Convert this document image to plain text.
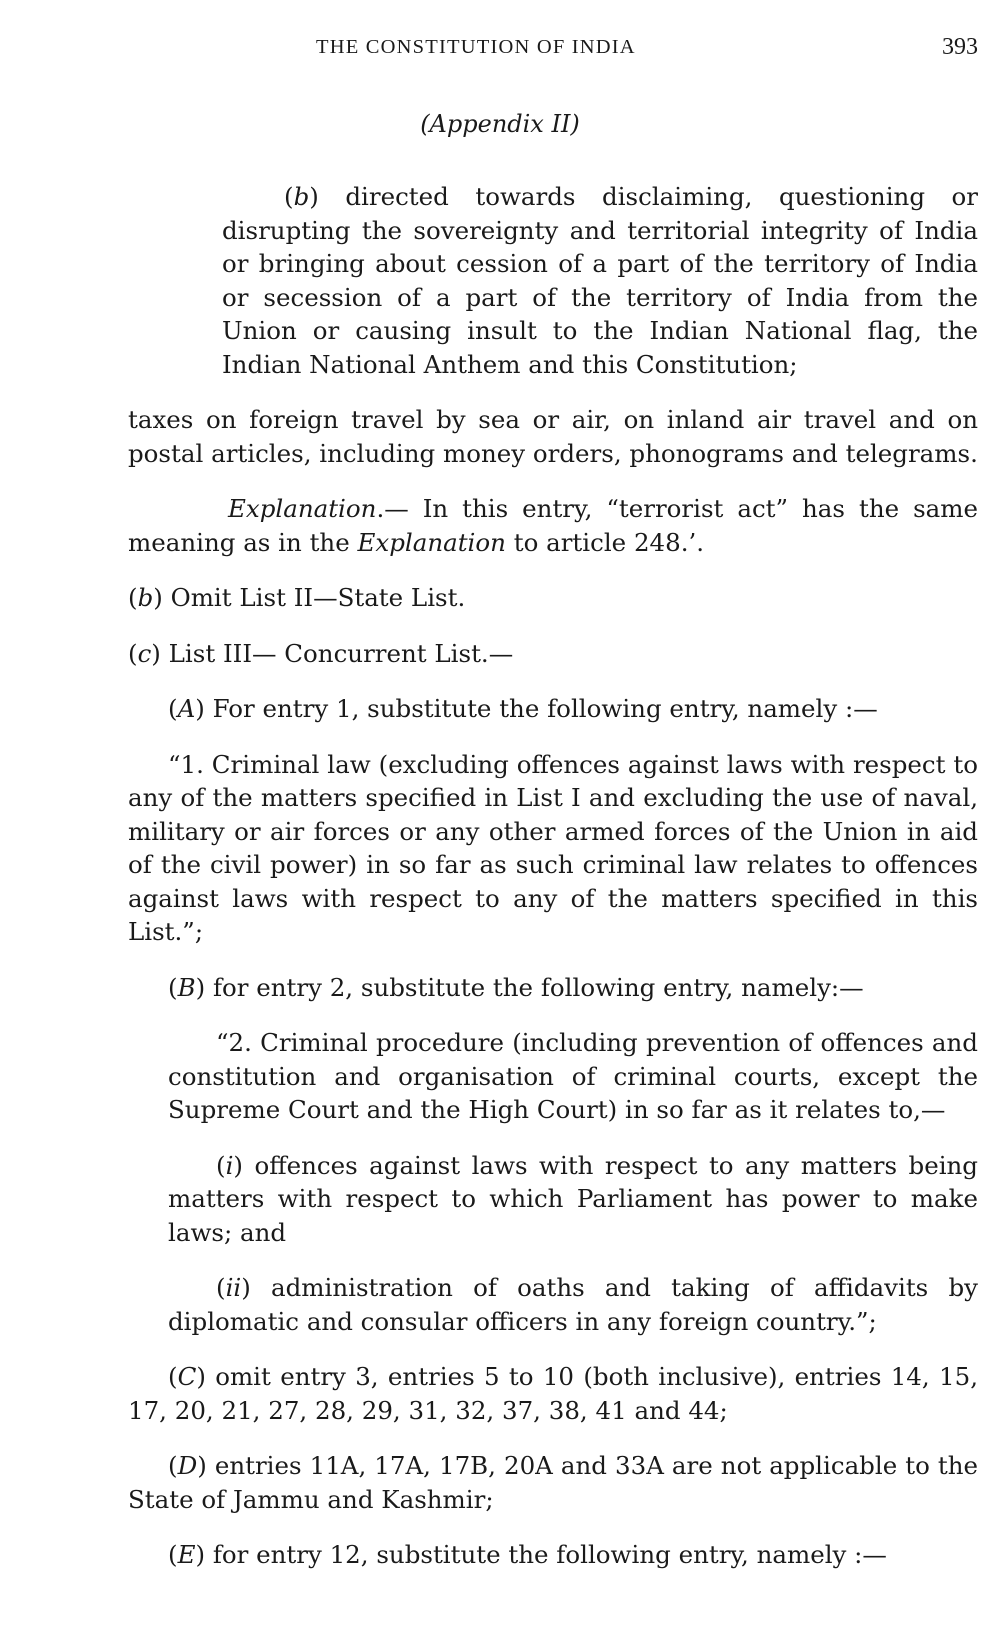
THE CONSTITUTION OF INDIA	393
(Appendix II)

(b) directed towards disclaiming, questioning or disrupting the sovereignty and territorial integrity of India or bringing about cession of a part of the territory of India or secession of a part of the territory of India from the Union or causing insult to the Indian National flag, the Indian National Anthem and this Constitution;

taxes on foreign travel by sea or air, on inland air travel and on postal articles, including money orders, phonograms and telegrams.

Explanation.— In this entry, “terrorist act” has the same meaning as in the Explanation to article 248.’.

(b) Omit List II—State List.

(c) List III— Concurrent List.—

(A) For entry 1, substitute the following entry, namely :—

“1. Criminal law (excluding offences against laws with respect to any of the matters specified in List I and excluding the use of naval, military or air forces or any other armed forces of the Union in aid of the civil power) in so far as such criminal law relates to offences against laws with respect to any of the matters specified in this List.”;

(B) for entry 2, substitute the following entry, namely:—

“2. Criminal procedure (including prevention of offences and constitution and organisation of criminal courts, except the Supreme Court and the High Court) in so far as it relates to,—

(i) offences against laws with respect to any matters being matters with respect to which Parliament has power to make laws; and

(ii) administration of oaths and taking of affidavits by diplomatic and consular officers in any foreign country.”;

(C) omit entry 3, entries 5 to 10 (both inclusive), entries 14, 15, 17, 20, 21, 27, 28, 29, 31, 32, 37, 38, 41 and 44;

(D) entries 11A, 17A, 17B, 20A and 33A are not applicable to the State of Jammu and Kashmir;

(E) for entry 12, substitute the following entry, namely :—
